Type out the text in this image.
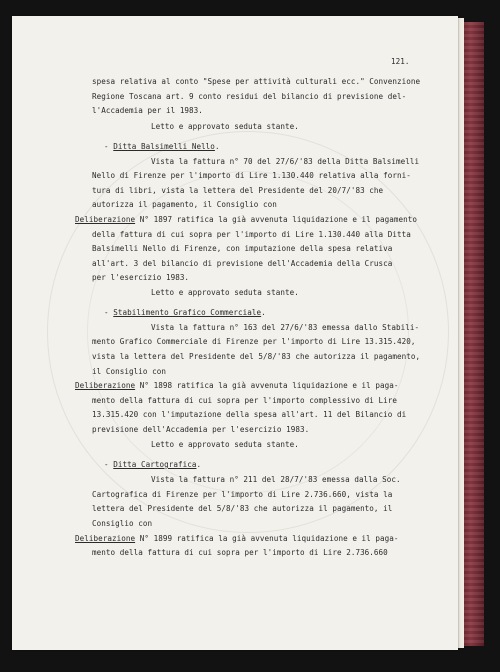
121.
spesa relativa al conto "Spese per attività culturali ecc." Convenzione
Regione Toscana art. 9 conto residui del bilancio di previsione del-
l'Accademia per il 1983.
Letto e approvato seduta stante.
- Ditta Balsimelli Nello.
Vista la fattura n° 70 del 27/6/'83 della Ditta Balsimelli
Nello di Firenze per l'importo di Lire 1.130.440 relativa alla forni-
tura di libri, vista la lettera del Presidente del 20/7/'83 che
autorizza il pagamento, il Consiglio con
Deliberazione N° 1897 ratifica la già avvenuta liquidazione e il pagamento
della fattura di cui sopra per l'importo di Lire 1.130.440 alla Ditta
Balsimelli Nello di Firenze, con imputazione della spesa relativa
all'art. 3 del bilancio di previsione dell'Accademia della Crusca
per l'esercizio 1983.
Letto e approvato seduta stante.
- Stabilimento Grafico Commerciale.
Vista la fattura n° 163 del 27/6/'83 emessa dallo Stabili-
mento Grafico Commerciale di Firenze per l'importo di Lire 13.315.420,
vista la lettera del Presidente del 5/8/'83 che autorizza il pagamento,
il Consiglio con
Deliberazione N° 1898 ratifica la già avvenuta liquidazione e il paga-
mento della fattura di cui sopra per l'importo complessivo di Lire
13.315.420 con l'imputazione della spesa all'art. 11 del Bilancio di
previsione dell'Accademia per l'esercizio 1983.
Letto e approvato seduta stante.
- Ditta Cartografica.
Vista la fattura n° 211 del 28/7/'83 emessa dalla Soc.
Cartografica di Firenze per l'importo di Lire 2.736.660, vista la
lettera del Presidente del 5/8/'83 che autorizza il pagamento, il
Consiglio con
Deliberazione N° 1899 ratifica la già avvenuta liquidazione e il paga-
mento della fattura di cui sopra per l'importo di Lire 2.736.660
